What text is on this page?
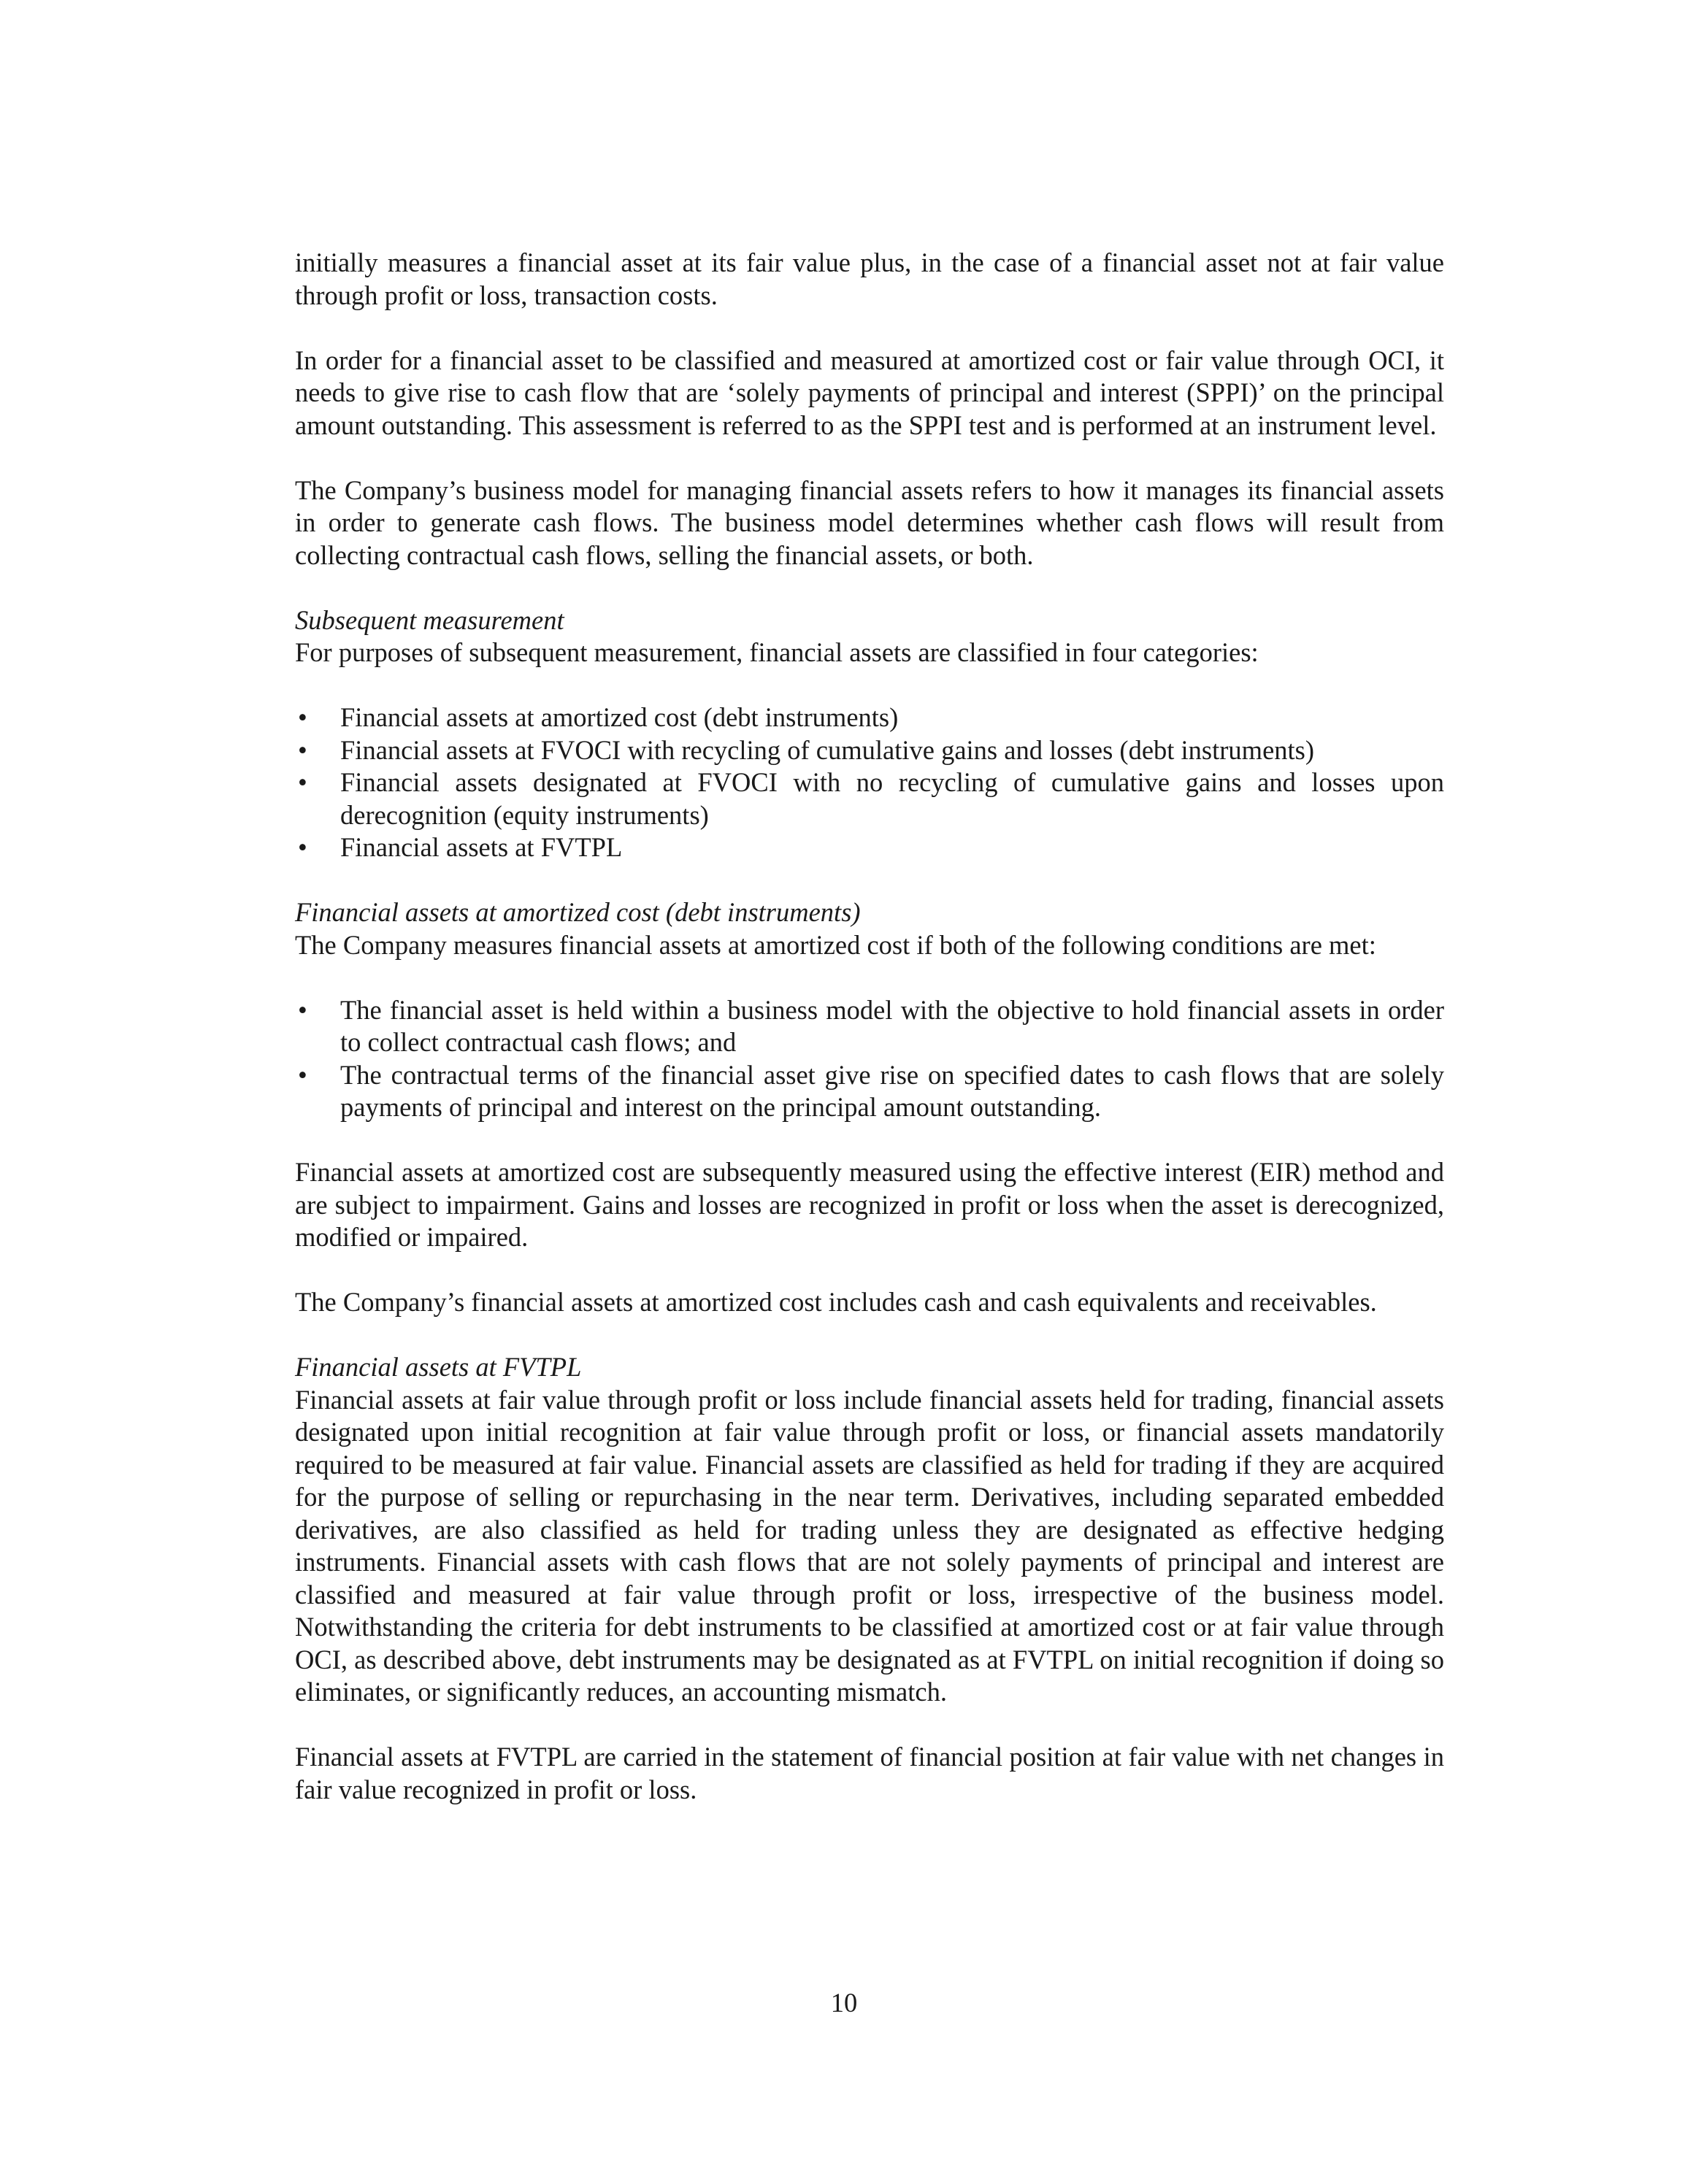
initially measures a financial asset at its fair value plus, in the case of a financial asset not at fair value through profit or loss, transaction costs.

In order for a financial asset to be classified and measured at amortized cost or fair value through OCI, it needs to give rise to cash flow that are ‘solely payments of principal and interest (SPPI)’ on the principal amount outstanding. This assessment is referred to as the SPPI test and is performed at an instrument level.

The Company’s business model for managing financial assets refers to how it manages its financial assets in order to generate cash flows. The business model determines whether cash flows will result from collecting contractual cash flows, selling the financial assets, or both.

Subsequent measurement

For purposes of subsequent measurement, financial assets are classified in four categories:

• Financial assets at amortized cost (debt instruments)
• Financial assets at FVOCI with recycling of cumulative gains and losses (debt instruments)
• Financial assets designated at FVOCI with no recycling of cumulative gains and losses upon derecognition (equity instruments)
• Financial assets at FVTPL

Financial assets at amortized cost (debt instruments)

The Company measures financial assets at amortized cost if both of the following conditions are met:

• The financial asset is held within a business model with the objective to hold financial assets in order to collect contractual cash flows; and
• The contractual terms of the financial asset give rise on specified dates to cash flows that are solely payments of principal and interest on the principal amount outstanding.

Financial assets at amortized cost are subsequently measured using the effective interest (EIR) method and are subject to impairment. Gains and losses are recognized in profit or loss when the asset is derecognized, modified or impaired.

The Company’s financial assets at amortized cost includes cash and cash equivalents and receivables.

Financial assets at FVTPL

Financial assets at fair value through profit or loss include financial assets held for trading, financial assets designated upon initial recognition at fair value through profit or loss, or financial assets mandatorily required to be measured at fair value. Financial assets are classified as held for trading if they are acquired for the purpose of selling or repurchasing in the near term. Derivatives, including separated embedded derivatives, are also classified as held for trading unless they are designated as effective hedging instruments. Financial assets with cash flows that are not solely payments of principal and interest are classified and measured at fair value through profit or loss, irrespective of the business model. Notwithstanding the criteria for debt instruments to be classified at amortized cost or at fair value through OCI, as described above, debt instruments may be designated as at FVTPL on initial recognition if doing so eliminates, or significantly reduces, an accounting mismatch.

Financial assets at FVTPL are carried in the statement of financial position at fair value with net changes in fair value recognized in profit or loss.

10
